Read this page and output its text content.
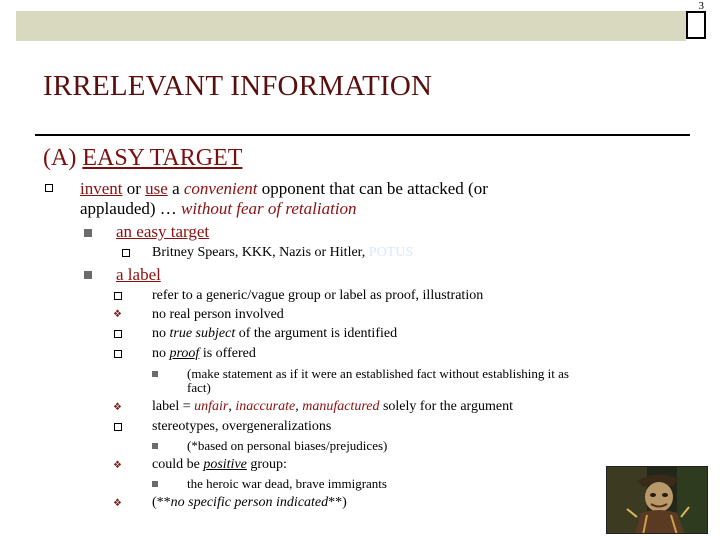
3
IRRELEVANT INFORMATION
(A) EASY TARGET
invent or use a convenient opponent that can be attacked (or
applauded) … without fear of retaliation
an easy target
Britney Spears, KKK, Nazis or Hitler, POTUS
a label
refer to a generic/vague group or label as proof, illustration
❖ no real person involved
no true subject of the argument is identified
no proof is offered
(make statement as if it were an established fact without establishing it as
fact)
❖ label = unfair, inaccurate, manufactured solely for the argument
stereotypes, overgeneralizations
(*based on personal biases/prejudices)
❖ could be positive group:
the heroic war dead, brave immigrants
❖ (**no specific person indicated**)
